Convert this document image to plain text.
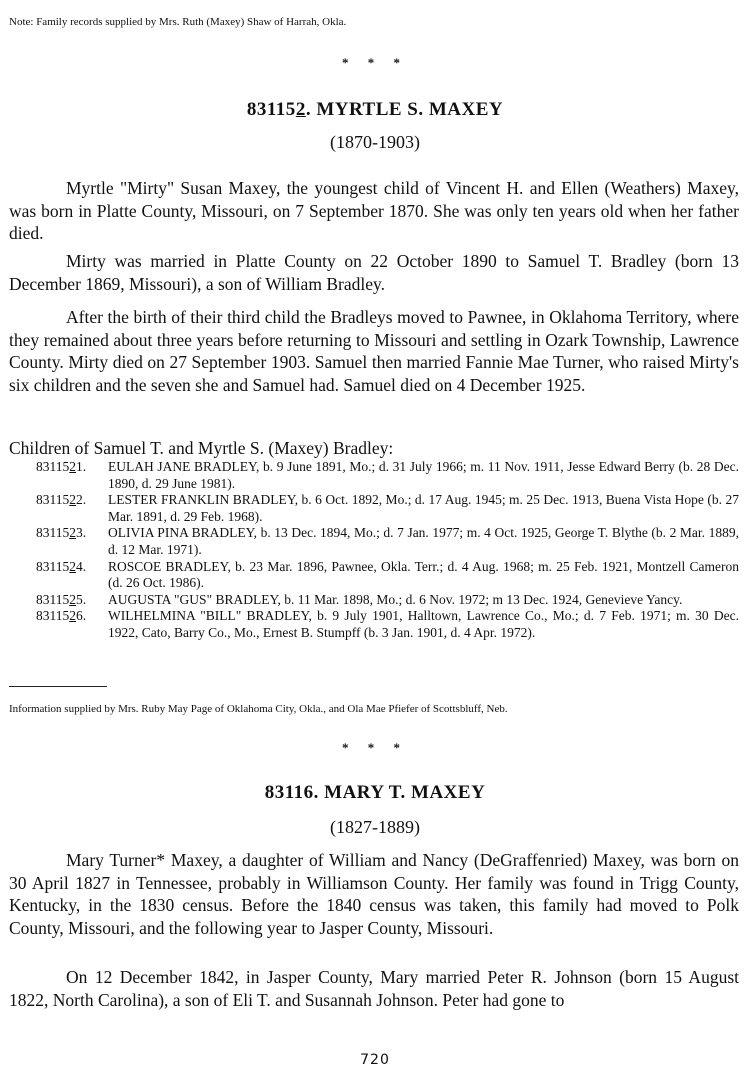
Note: Family records supplied by Mrs. Ruth (Maxey) Shaw of Harrah, Okla.
* * *
831152. MYRTLE S. MAXEY
(1870-1903)

Myrtle "Mirty" Susan Maxey, the youngest child of Vincent H. and Ellen (Weathers) Maxey, was born in Platte County, Missouri, on 7 September 1870. She was only ten years old when her father died.

Mirty was married in Platte County on 22 October 1890 to Samuel T. Bradley (born 13 December 1869, Missouri), a son of William Bradley.

After the birth of their third child the Bradleys moved to Pawnee, in Oklahoma Territory, where they remained about three years before returning to Missouri and settling in Ozark Township, Lawrence County. Mirty died on 27 September 1903. Samuel then married Fannie Mae Turner, who raised Mirty's six children and the seven she and Samuel had. Samuel died on 4 December 1925.

Children of Samuel T. and Myrtle S. (Maxey) Bradley:
8311521.	EULAH JANE BRADLEY, b. 9 June 1891, Mo.; d. 31 July 1966; m. 11 Nov. 1911, Jesse Edward Berry (b. 28 Dec. 1890, d. 29 June 1981).
8311522.	LESTER FRANKLIN BRADLEY, b. 6 Oct. 1892, Mo.; d. 17 Aug. 1945; m. 25 Dec. 1913, Buena Vista Hope (b. 27 Mar. 1891, d. 29 Feb. 1968).
8311523.	OLIVIA PINA BRADLEY, b. 13 Dec. 1894, Mo.; d. 7 Jan. 1977; m. 4 Oct. 1925, George T. Blythe (b. 2 Mar. 1889, d. 12 Mar. 1971).
8311524.	ROSCOE BRADLEY, b. 23 Mar. 1896, Pawnee, Okla. Terr.; d. 4 Aug. 1968; m. 25 Feb. 1921, Montzell Cameron (d. 26 Oct. 1986).
8311525.	AUGUSTA "GUS" BRADLEY, b. 11 Mar. 1898, Mo.; d. 6 Nov. 1972; m 13 Dec. 1924, Genevieve Yancy.
8311526.	WILHELMINA "BILL" BRADLEY, b. 9 July 1901, Halltown, Lawrence Co., Mo.; d. 7 Feb. 1971; m. 30 Dec. 1922, Cato, Barry Co., Mo., Ernest B. Stumpff (b. 3 Jan. 1901, d. 4 Apr. 1972).
Information supplied by Mrs. Ruby May Page of Oklahoma City, Okla., and Ola Mae Pfiefer of Scottsbluff, Neb.
* * *
83116. MARY T. MAXEY
(1827-1889)

Mary Turner* Maxey, a daughter of William and Nancy (DeGraffenried) Maxey, was born on 30 April 1827 in Tennessee, probably in Williamson County. Her family was found in Trigg County, Kentucky, in the 1830 census. Before the 1840 census was taken, this family had moved to Polk County, Missouri, and the following year to Jasper County, Missouri.

On 12 December 1842, in Jasper County, Mary married Peter R. Johnson (born 15 August 1822, North Carolina), a son of Eli T. and Susannah Johnson. Peter had gone to

720
